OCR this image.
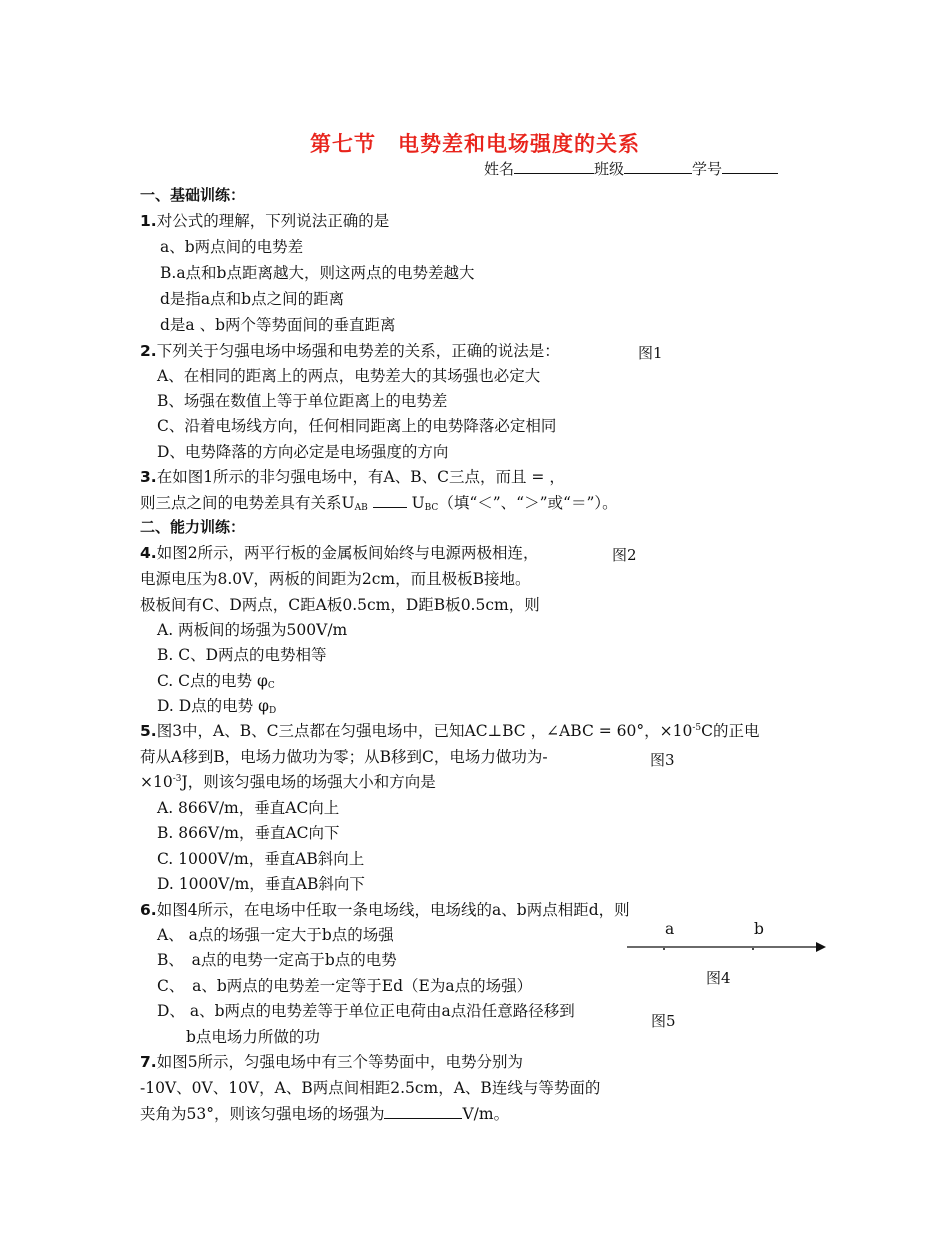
第七节　电势差和电场强度的关系
姓名	班级	学号
一、基础训练：
1.对公式的理解，下列说法正确的是
a、b两点间的电势差
B.a点和b点距离越大，则这两点的电势差越大
d是指a点和b点之间的距离
d是a 、b两个等势面间的垂直距离
2.下列关于匀强电场中场强和电势差的关系，正确的说法是：	图1
A、在相同的距离上的两点，电势差大的其场强也必定大
B、场强在数值上等于单位距离上的电势差
C、沿着电场线方向，任何相同距离上的电势降落必定相同
D、电势降落的方向必定是电场强度的方向
3.在如图1所示的非匀强电场中，有A、B、C三点，而且 = ，
则三点之间的电势差具有关系$U_{AB}$	$U_{BC}$（填“＜”、“＞”或“＝”）。
二、能力训练：
4.如图2所示，两平行板的金属板间始终与电源两极相连，	图2
电源电压为8.0V，两板的间距为2cm，而且极板B接地。
极板间有C、D两点，C距A板0.5cm，D距B板0.5cm，则
A. 两板间的场强为500V/m
B. C、D两点的电势相等
C. C点的电势 $\varphi_C$
D. D点的电势 $\varphi_D$
5.图3中，A、B、C三点都在匀强电场中，已知AC⊥BC ，∠ABC = 60°，$\times 10^{-5}C$的正电
荷从A移到B，电场力做功为零；从B移到C，电场力做功为-	图3
$\times 10^{-3}J$，则该匀强电场的场强大小和方向是
A. 866V/m，垂直AC向上
B. 866V/m，垂直AC向下
C. 1000V/m，垂直AB斜向上
D. 1000V/m，垂直AB斜向下
6.如图4所示，在电场中任取一条电场线，电场线的a、b两点相距d，则
A、 a点的场强一定大于b点的场强
B、　a点的电势一定高于b点的电势
C、　a、b两点的电势差一定等于Ed（E为a点的场强）
D、 a、b两点的电势差等于单位正电荷由a点沿任意路径移到
b点电场力所做的功
a	b
图4
图5
7.如图5所示，匀强电场中有三个等势面中，电势分别为
-10V、0V、10V，A、B两点间相距2.5cm，A、B连线与等势面的
夹角为53°，则该匀强电场的场强为	V/m。
